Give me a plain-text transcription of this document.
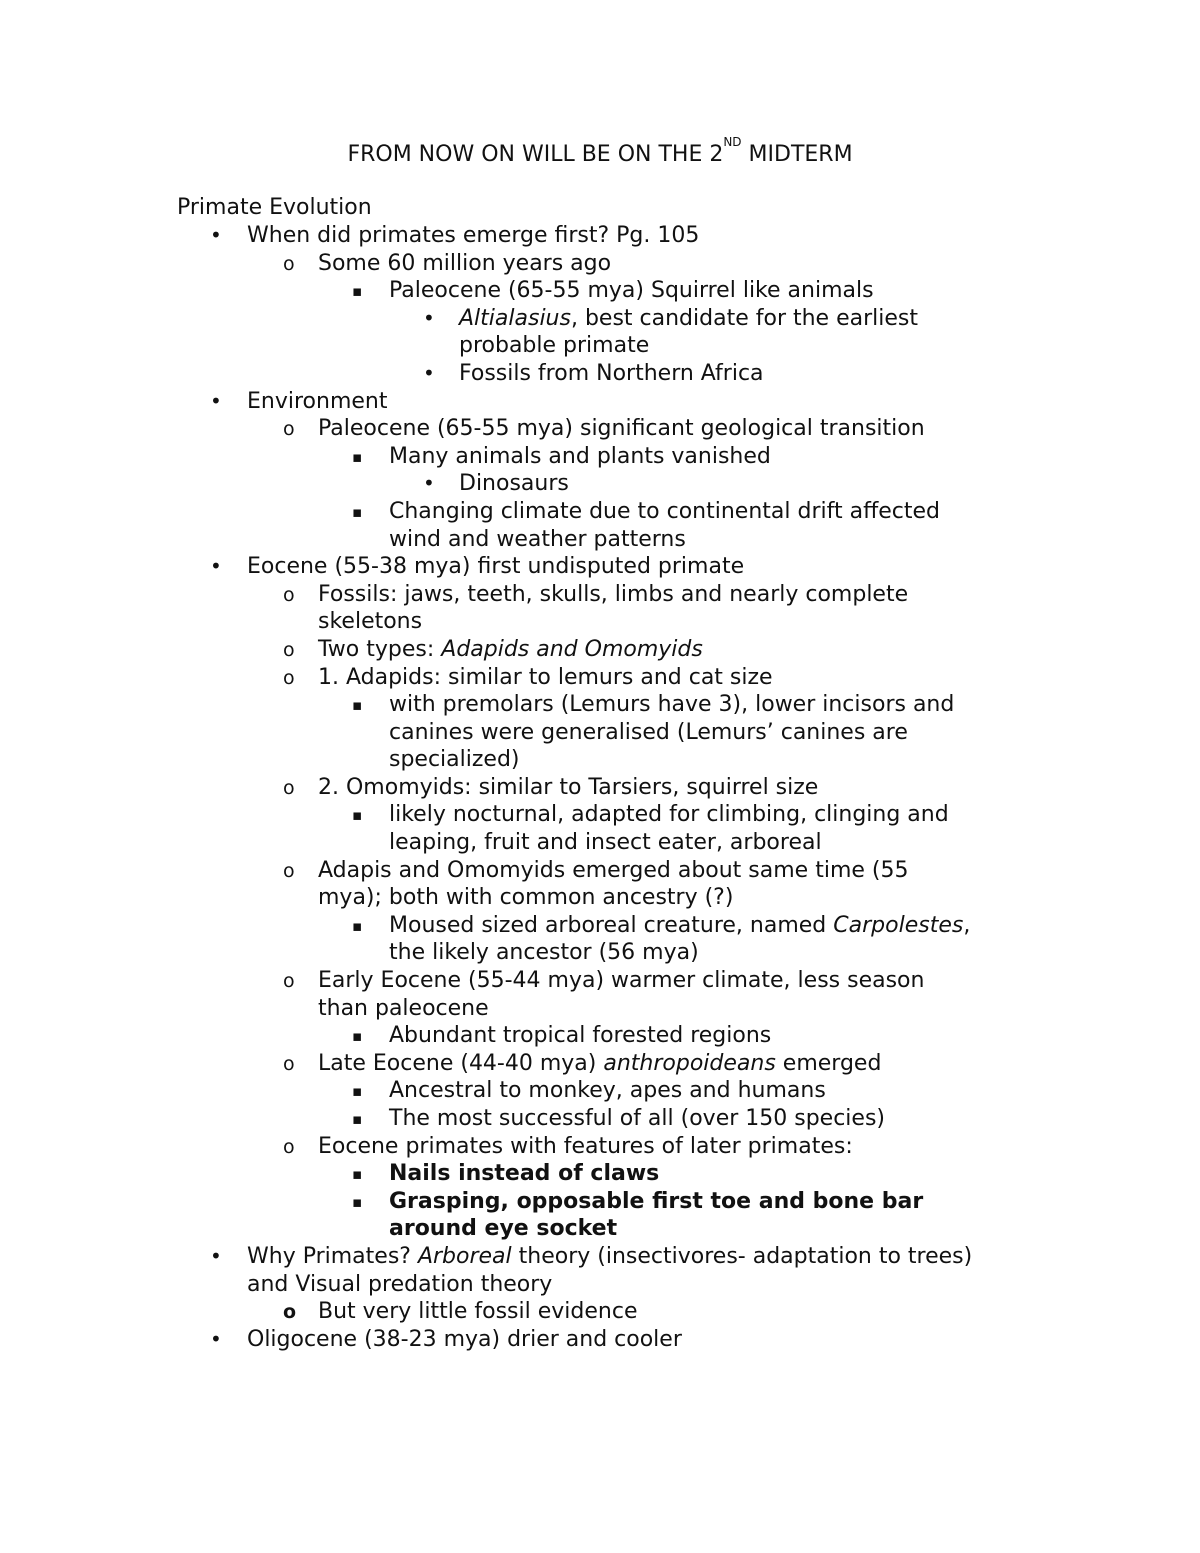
FROM NOW ON WILL BE ON THE 2ND MIDTERM
Primate Evolution
• When did primates emerge first? Pg. 105
o Some 60 million years ago
▪ Paleocene (65-55 mya) Squirrel like animals
• Altialasius, best candidate for the earliest
probable primate
• Fossils from Northern Africa
• Environment
o Paleocene (65-55 mya) significant geological transition
▪ Many animals and plants vanished
• Dinosaurs
▪ Changing climate due to continental drift affected
wind and weather patterns
• Eocene (55-38 mya) first undisputed primate
o Fossils: jaws, teeth, skulls, limbs and nearly complete
skeletons
o Two types: Adapids and Omomyids
o 1. Adapids: similar to lemurs and cat size
▪ with premolars (Lemurs have 3), lower incisors and
canines were generalised (Lemurs’ canines are
specialized)
o 2. Omomyids: similar to Tarsiers, squirrel size
▪ likely nocturnal, adapted for climbing, clinging and
leaping, fruit and insect eater, arboreal
o Adapis and Omomyids emerged about same time (55
mya); both with common ancestry (?)
▪ Moused sized arboreal creature, named Carpolestes,
the likely ancestor (56 mya)
o Early Eocene (55-44 mya) warmer climate, less season
than paleocene
▪ Abundant tropical forested regions
o Late Eocene (44-40 mya) anthropoideans emerged
▪ Ancestral to monkey, apes and humans
▪ The most successful of all (over 150 species)
o Eocene primates with features of later primates:
▪ Nails instead of claws
▪ Grasping, opposable first toe and bone bar
around eye socket
• Why Primates? Arboreal theory (insectivores- adaptation to trees)
and Visual predation theory
o But very little fossil evidence
• Oligocene (38-23 mya) drier and cooler
